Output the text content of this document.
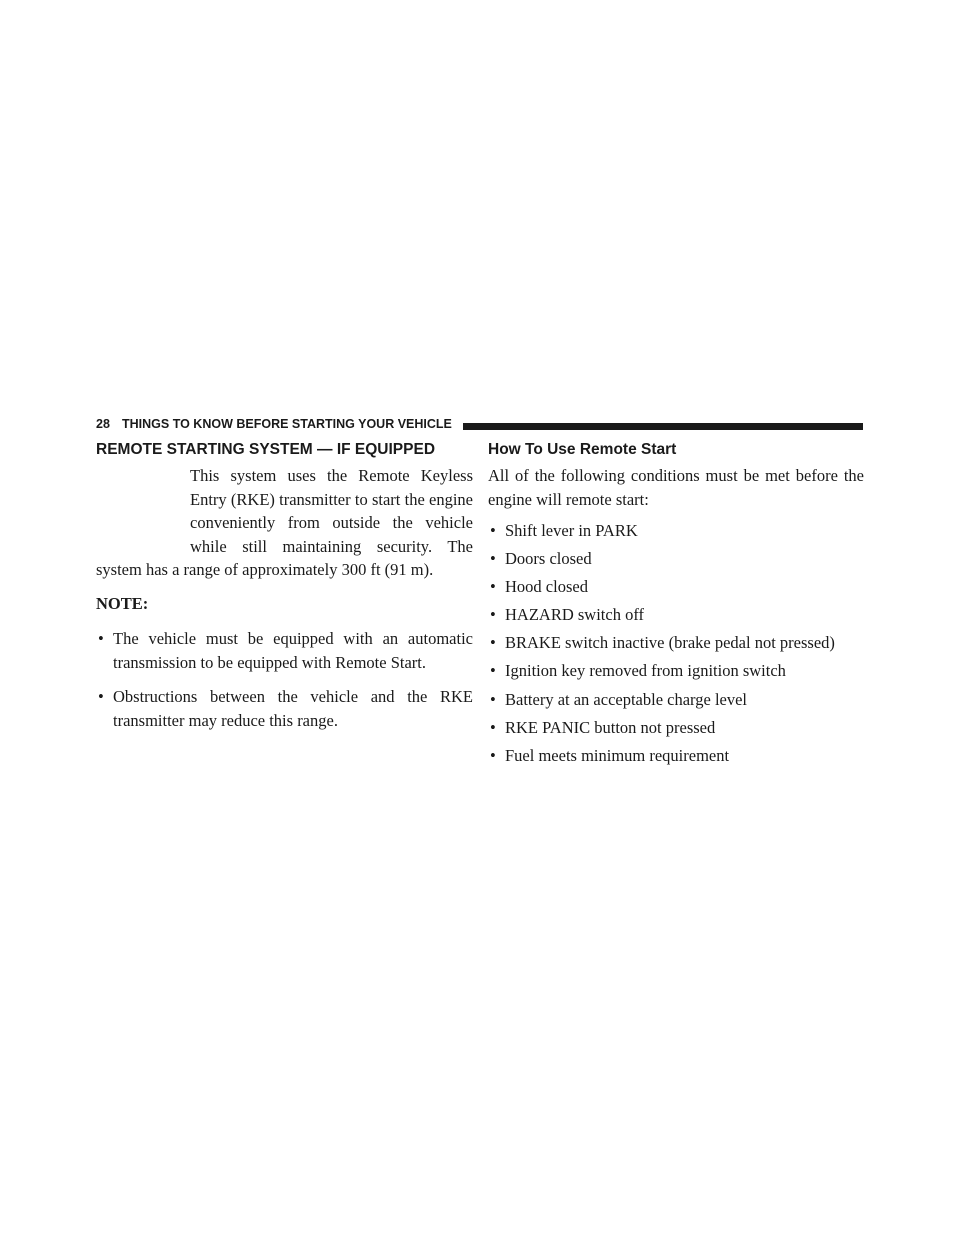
28 THINGS TO KNOW BEFORE STARTING YOUR VEHICLE
REMOTE STARTING SYSTEM — IF EQUIPPED

This system uses the Remote Keyless Entry (RKE) transmitter to start the engine conveniently from outside the vehicle while still maintaining security. The system has a range of approximately 300 ft (91 m).

NOTE:
• The vehicle must be equipped with an automatic transmission to be equipped with Remote Start.
• Obstructions between the vehicle and the RKE transmitter may reduce this range.
How To Use Remote Start

All of the following conditions must be met before the engine will remote start:

• Shift lever in PARK
• Doors closed
• Hood closed
• HAZARD switch off
• BRAKE switch inactive (brake pedal not pressed)
• Ignition key removed from ignition switch
• Battery at an acceptable charge level
• RKE PANIC button not pressed
• Fuel meets minimum requirement
